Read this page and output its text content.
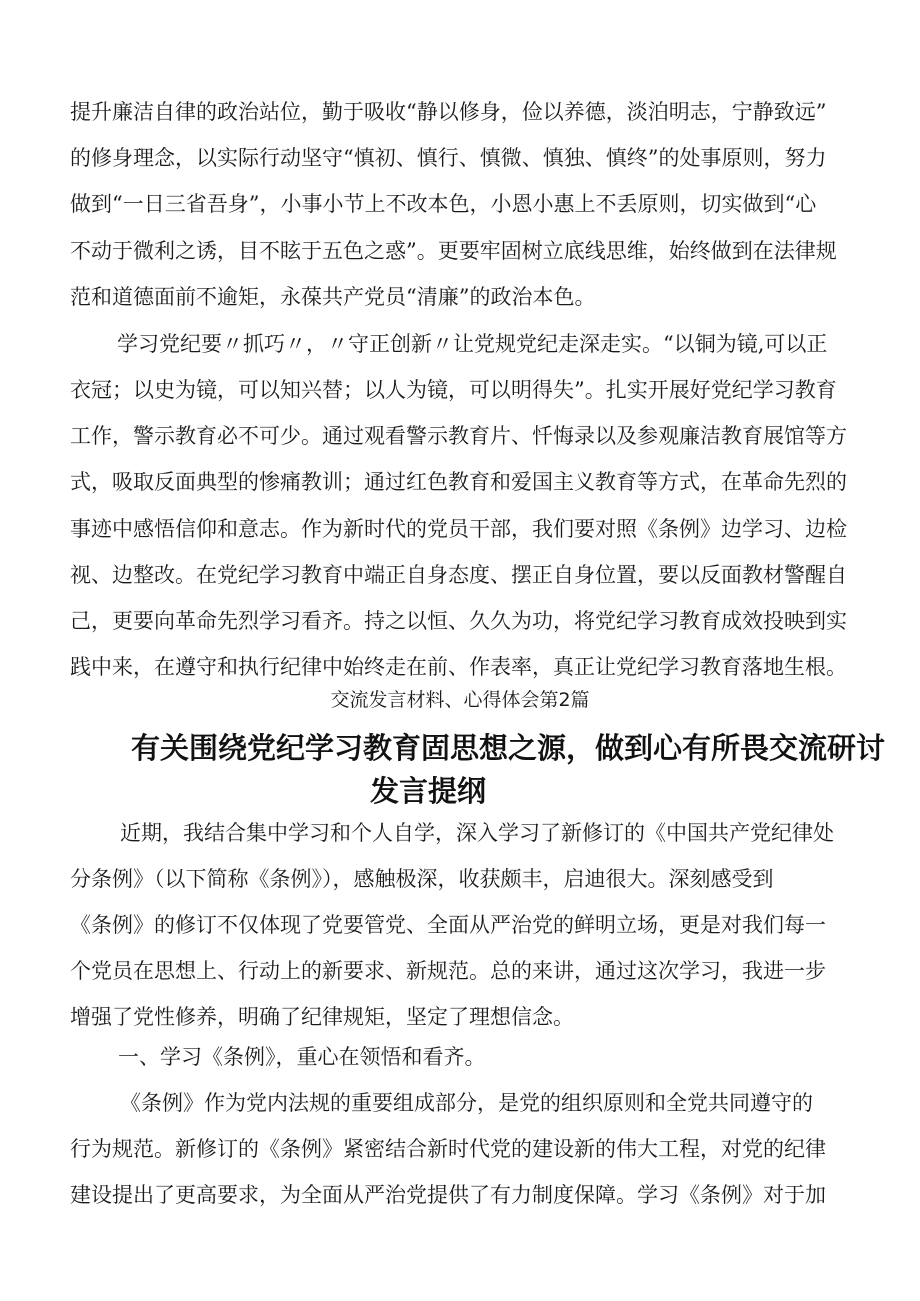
提升廉洁自律的政治站位，勤于吸收“静以修身，俭以养德，淡泊明志，宁静致远”
的修身理念，以实际行动坚守“慎初、慎行、慎微、慎独、慎终”的处事原则，努力
做到“一日三省吾身”，小事小节上不改本色，小恩小惠上不丢原则，切实做到“心
不动于微利之诱，目不眩于五色之惑”。更要牢固树立底线思维，始终做到在法律规
范和道德面前不逾矩，永葆共产党员“清廉”的政治本色。
学习党纪要〃抓巧〃，〃守正创新〃让党规党纪走深走实。“以铜为镜,可以正
衣冠；以史为镜，可以知兴替；以人为镜，可以明得失”。扎实开展好党纪学习教育
工作，警示教育必不可少。通过观看警示教育片、忏悔录以及参观廉洁教育展馆等方
式，吸取反面典型的惨痛教训；通过红色教育和爱国主义教育等方式，在革命先烈的
事迹中感悟信仰和意志。作为新时代的党员干部，我们要对照《条例》边学习、边检
视、边整改。在党纪学习教育中端正自身态度、摆正自身位置，要以反面教材警醒自
己，更要向革命先烈学习看齐。持之以恒、久久为功，将党纪学习教育成效投映到实
践中来，在遵守和执行纪律中始终走在前、作表率，真正让党纪学习教育落地生根。
交流发言材料、心得体会第2篇
有关围绕党纪学习教育固思想之源，做到心有所畏交流研讨
发言提纲
近期，我结合集中学习和个人自学，深入学习了新修订的《中国共产党纪律处
分条例》（以下简称《条例》），感触极深，收获颇丰，启迪很大。深刻感受到
《条例》的修订不仅体现了党要管党、全面从严治党的鲜明立场，更是对我们每一
个党员在思想上、行动上的新要求、新规范。总的来讲，通过这次学习，我进一步
增强了党性修养，明确了纪律规矩，坚定了理想信念。
一、学习《条例》，重心在领悟和看齐。
《条例》作为党内法规的重要组成部分，是党的组织原则和全党共同遵守的
行为规范。新修订的《条例》紧密结合新时代党的建设新的伟大工程，对党的纪律
建设提出了更高要求，为全面从严治党提供了有力制度保障。学习《条例》对于加
